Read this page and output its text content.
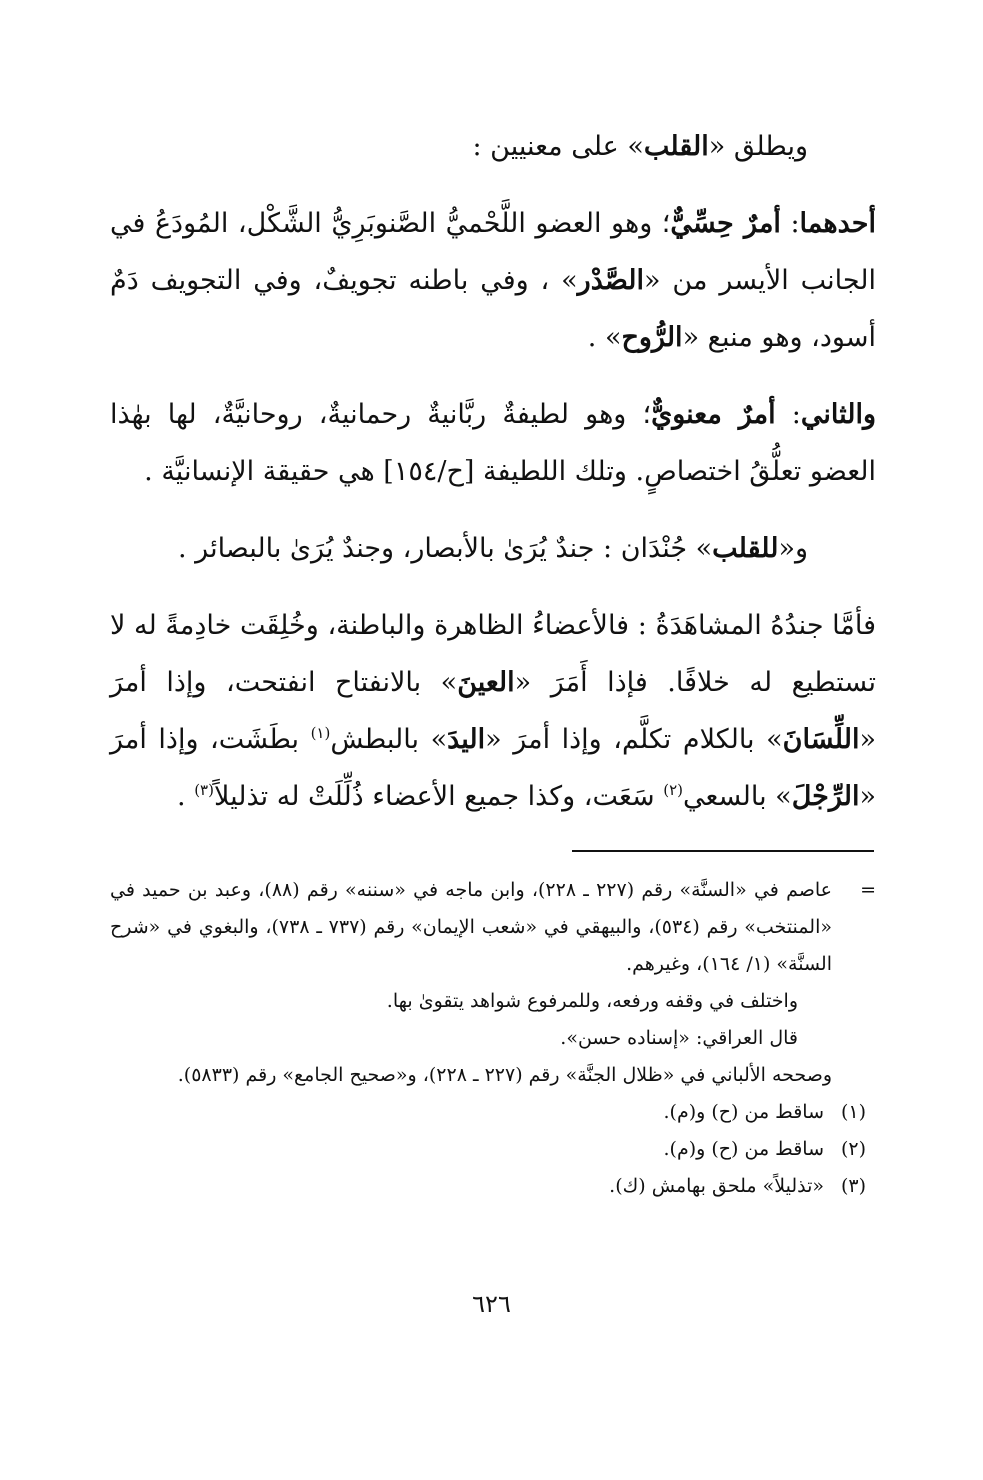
ويطلق «القلب» على معنيين :

أحدهما: أمرٌ حِسِّيٌّ؛ وهو العضو اللَّحْميُّ الصَّنوبَرِيُّ الشَّكْل، المُودَعُ في الجانب الأيسر من «الصَّدْر» ، وفي باطنه تجويفٌ، وفي التجويف دَمٌ أسود، وهو منبع «الرُّوح» .

والثاني: أمرٌ معنويٌّ؛ وهو لطيفةٌ ربَّانيةٌ رحمانيةٌ، روحانيَّةٌ، لها بهٰذا العضو تعلُّقُ اختصاصٍ. وتلك اللطيفة [ح/١٥٤] هي حقيقة الإنسانيَّة .

و«للقلب» جُنْدَان : جندٌ يُرَىٰ بالأبصار، وجندٌ يُرَىٰ بالبصائر .

فأمَّا جندُهُ المشاهَدَةُ : فالأعضاءُ الظاهرة والباطنة، وخُلِقَت خادِمةً له لا تستطيع له خلافًا. فإذا أَمَرَ «العينَ» بالانفتاح انفتحت، وإذا أمرَ «اللِّسَانَ» بالكلام تكلَّم، وإذا أمرَ «اليدَ» بالبطش$^{(١)}$ بطَشَت، وإذا أمرَ «الرِّجْلَ» بالسعي$^{(٢)}$ سَعَت، وكذا جميع الأعضاء ذُلِّلَتْ له تذليلاً$^{(٣)}$ .

=
عاصم في «السنَّة» رقم (٢٢٧ ـ ٢٢٨)، وابن ماجه في «سننه» رقم (٨٨)، وعبد بن حميد في «المنتخب» رقم (٥٣٤)، والبيهقي في «شعب الإيمان» رقم (٧٣٧ ـ ٧٣٨)، والبغوي في «شرح السنَّة» (١/ ١٦٤)، وغيرهم.

واختلف في وقفه ورفعه، وللمرفوع شواهد يتقوىٰ بها.

قال العراقي: «إسناده حسن».

وصححه الألباني في «ظلال الجنَّة» رقم (٢٢٧ ـ ٢٢٨)، و«صحيح الجامع» رقم (٥٨٣٣).

(١)ساقط من (ح) و(م).

(٢)ساقط من (ح) و(م).

(٣)«تذليلاً» ملحق بهامش (ك).

٦٢٦
